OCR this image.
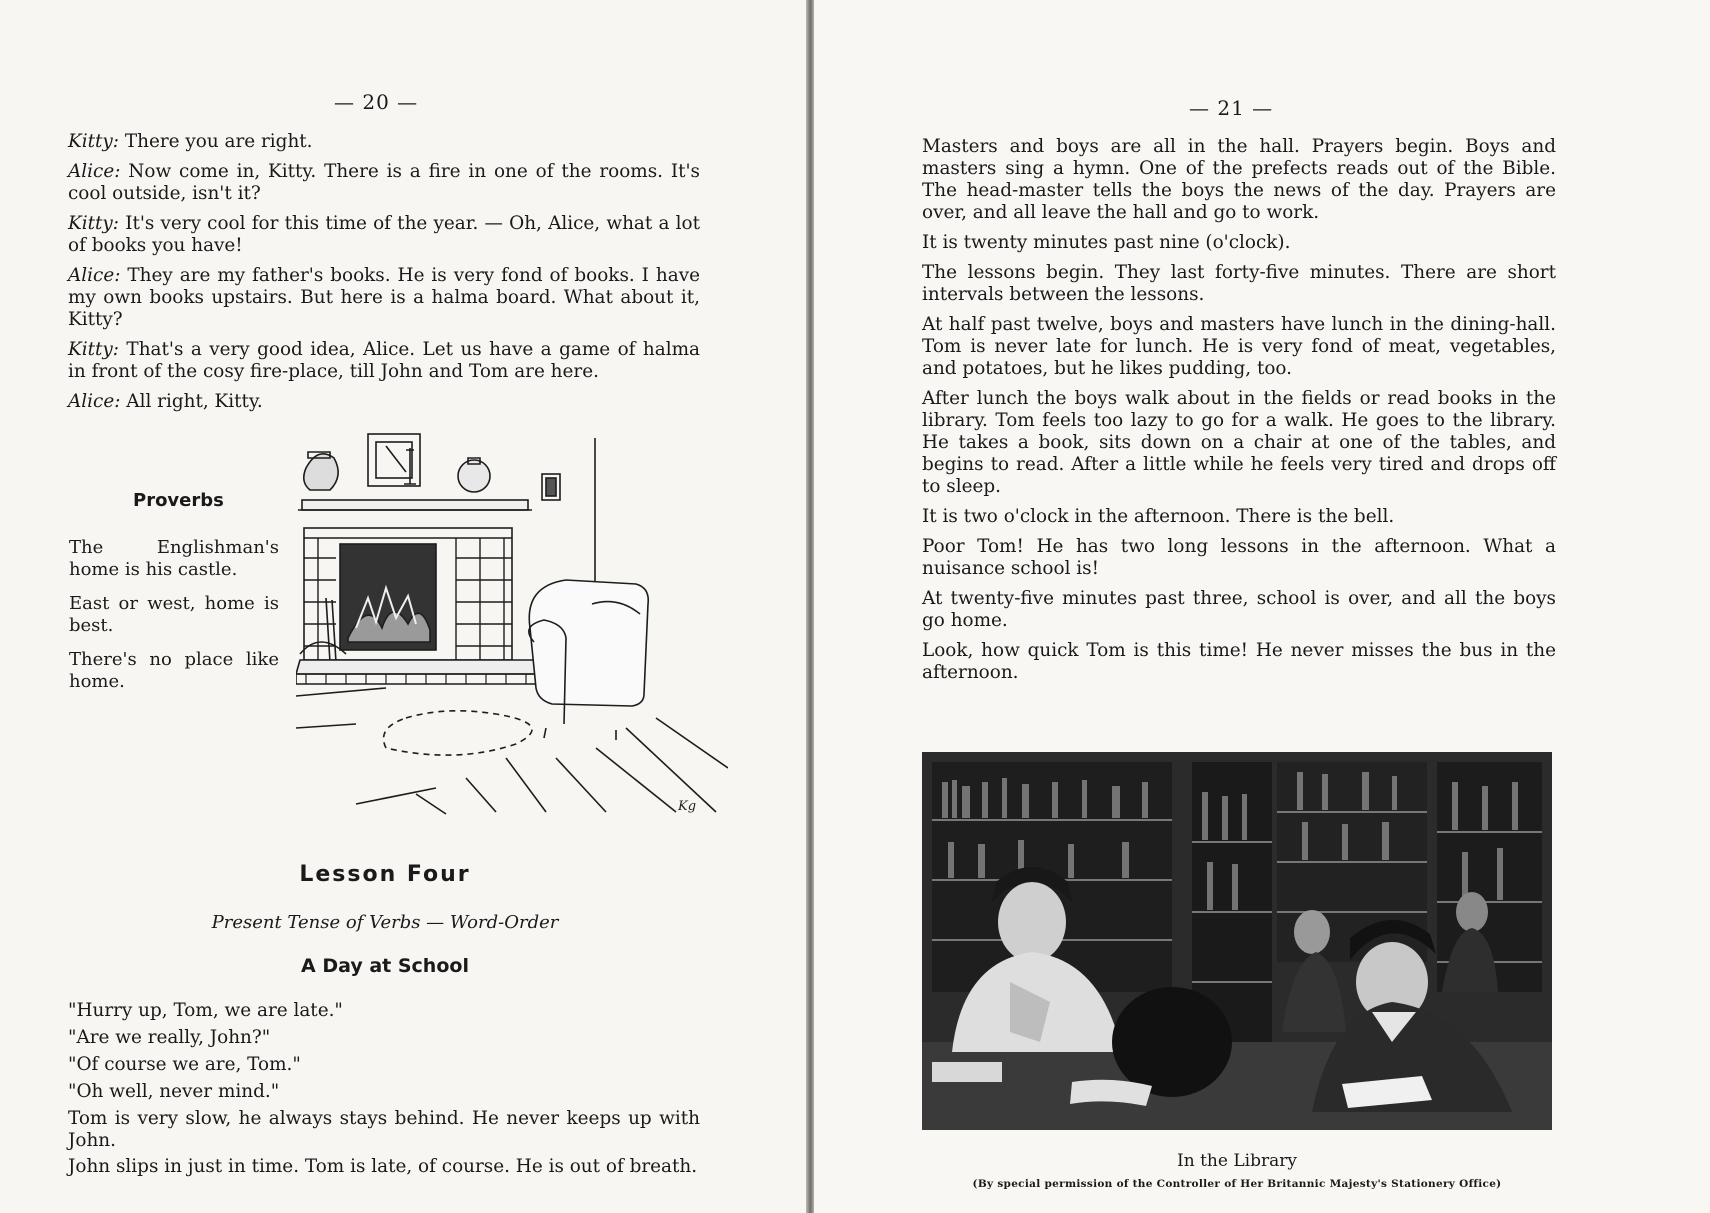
— 20 —

Kitty: There you are right.

Alice: Now come in, Kitty. There is a fire in one of the rooms. It's cool outside, isn't it?

Kitty: It's very cool for this time of the year. — Oh, Alice, what a lot of books you have!

Alice: They are my father's books. He is very fond of books. I have my own books upstairs. But here is a halma board. What about it, Kitty?

Kitty: That's a very good idea, Alice. Let us have a game of halma in front of the cosy fire-place, till John and Tom are here.

Alice: All right, Kitty.

Proverbs

The Englishman's home is his castle.

East or west, home is best.

There's no place like home.

Kg
Lesson Four
Present Tense of Verbs — Word-Order
A Day at School
"Hurry up, Tom, we are late."
"Are we really, John?"
"Of course we are, Tom."
"Oh well, never mind."

Tom is very slow, he always stays behind. He never keeps up with John.

John slips in just in time. Tom is late, of course. He is out of breath.

— 21 —

Masters and boys are all in the hall. Prayers begin. Boys and masters sing a hymn. One of the prefects reads out of the Bible. The head-master tells the boys the news of the day. Prayers are over, and all leave the hall and go to work.

It is twenty minutes past nine (o'clock).

The lessons begin. They last forty-five minutes. There are short intervals between the lessons.

At half past twelve, boys and masters have lunch in the dining-hall. Tom is never late for lunch. He is very fond of meat, vegetables, and potatoes, but he likes pudding, too.

After lunch the boys walk about in the fields or read books in the library. Tom feels too lazy to go for a walk. He goes to the library. He takes a book, sits down on a chair at one of the tables, and begins to read. After a little while he feels very tired and drops off to sleep.

It is two o'clock in the afternoon. There is the bell.

Poor Tom! He has two long lessons in the afternoon. What a nuisance school is!

At twenty-five minutes past three, school is over, and all the boys go home.

Look, how quick Tom is this time! He never misses the bus in the afternoon.

In the Library
(By special permission of the Controller of Her Britannic Majesty's Stationery Office)
